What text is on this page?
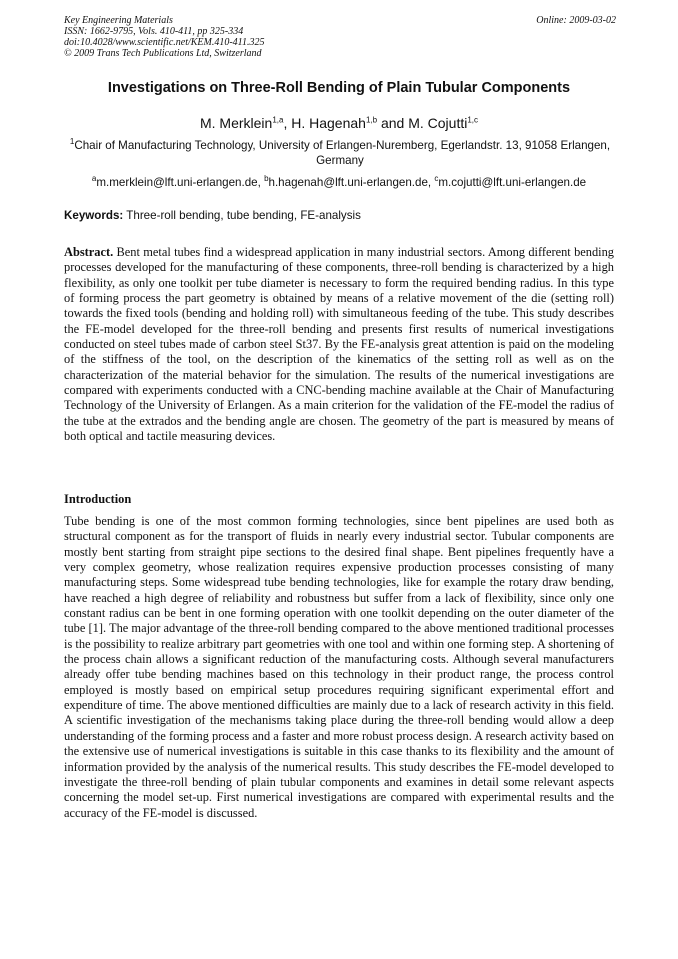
Key Engineering Materials
ISSN: 1662-9795, Vols. 410-411, pp 325-334
doi:10.4028/www.scientific.net/KEM.410-411.325
© 2009 Trans Tech Publications Ltd, Switzerland
Online: 2009-03-02
Investigations on Three-Roll Bending of Plain Tubular Components
M. Merklein$^{1,a}$, H. Hagenah$^{1,b}$ and M. Cojutti$^{1,c}$
$^1$Chair of Manufacturing Technology, University of Erlangen-Nuremberg, Egerlandstr. 13, 91058 Erlangen, Germany
$^a$m.merklein@lft.uni-erlangen.de, $^b$h.hagenah@lft.uni-erlangen.de, $^c$m.cojutti@lft.uni-erlangen.de
Keywords: Three-roll bending, tube bending, FE-analysis

Abstract. Bent metal tubes find a widespread application in many industrial sectors. Among different bending processes developed for the manufacturing of these components, three-roll bending is characterized by a high flexibility, as only one toolkit per tube diameter is necessary to form the required bending radius. In this type of forming process the part geometry is obtained by means of a relative movement of the die (setting roll) towards the fixed tools (bending and holding roll) with simultaneous feeding of the tube. This study describes the FE-model developed for the three-roll bending and presents first results of numerical investigations conducted on steel tubes made of carbon steel St37. By the FE-analysis great attention is paid on the modeling of the stiffness of the tool, on the description of the kinematics of the setting roll as well as on the characterization of the material behavior for the simulation. The results of the numerical investigations are compared with experiments conducted with a CNC-bending machine available at the Chair of Manufacturing Technology of the University of Erlangen. As a main criterion for the validation of the FE-model the radius of the tube at the extrados and the bending angle are chosen. The geometry of the part is measured by means of both optical and tactile measuring devices.

Introduction

Tube bending is one of the most common forming technologies, since bent pipelines are used both as structural component as for the transport of fluids in nearly every industrial sector. Tubular components are mostly bent starting from straight pipe sections to the desired final shape. Bent pipelines frequently have a very complex geometry, whose realization requires expensive production processes consisting of many manufacturing steps. Some widespread tube bending technologies, like for example the rotary draw bending, have reached a high degree of reliability and robustness but suffer from a lack of flexibility, since only one constant radius can be bent in one forming operation with one toolkit depending on the outer diameter of the tube [1]. The major advantage of the three-roll bending compared to the above mentioned traditional processes is the possibility to realize arbitrary part geometries with one tool and within one forming step. A shortening of the process chain allows a significant reduction of the manufacturing costs. Although several manufacturers already offer tube bending machines based on this technology in their product range, the process control employed is mostly based on empirical setup procedures requiring significant experimental effort and expenditure of time. The above mentioned difficulties are mainly due to a lack of research activity in this field. A scientific investigation of the mechanisms taking place during the three-roll bending would allow a deep understanding of the forming process and a faster and more robust process design. A research activity based on the extensive use of numerical investigations is suitable in this case thanks to its flexibility and the amount of information provided by the analysis of the numerical results. This study describes the FE-model developed to investigate the three-roll bending of plain tubular components and examines in detail some relevant aspects concerning the model set-up. First numerical investigations are compared with experimental results and the accuracy of the FE-model is discussed.
